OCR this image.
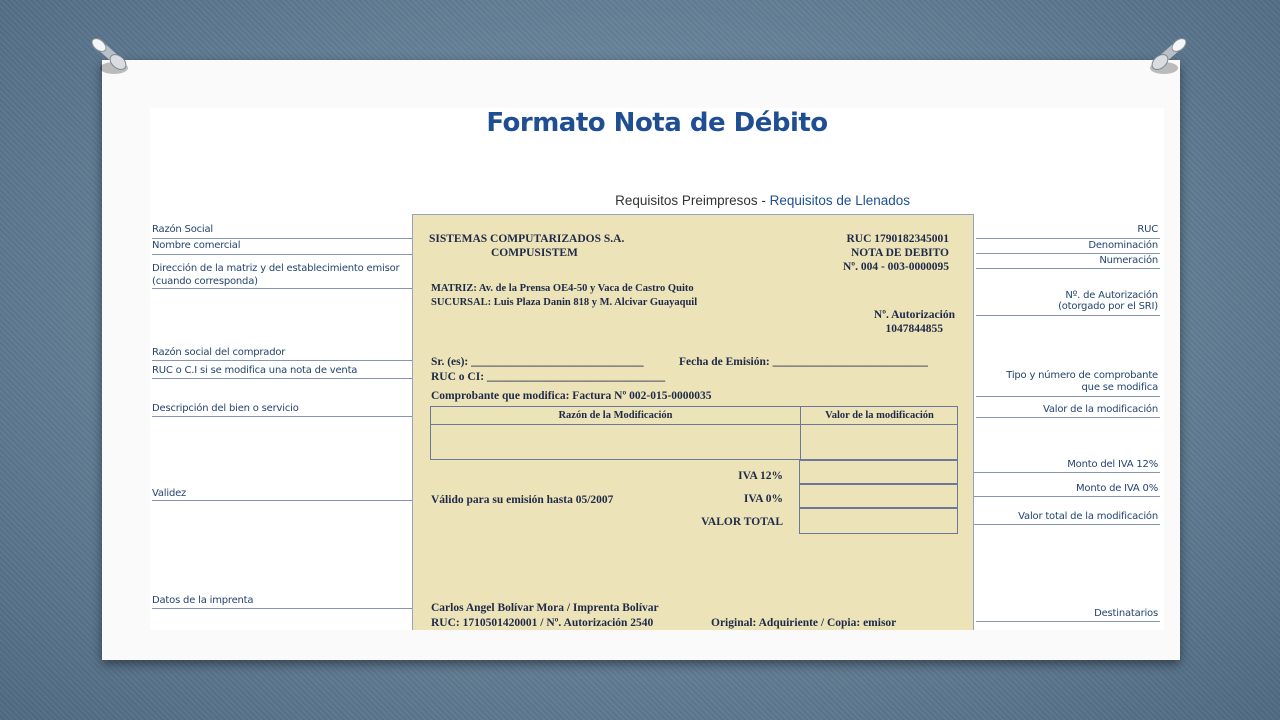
Formato Nota de Débito
Requisitos Preimpresos - Requisitos de Llenados
Razón Social
Nombre comercial
Dirección de la matriz y del establecimiento emisor
(cuando corresponda)
Razón social del comprador
RUC o C.I si se modifica una nota de venta
Descripción del bien o servicio
Validez
Datos de la imprenta
RUC
Denominación
Numeración
Nº. de Autorización
(otorgado por el SRI)
Tipo y número de comprobante
que se modifica
Valor de la modificación
Monto del IVA 12%
Monto de IVA 0%
Valor total de la modificación
Destinatarios
SISTEMAS COMPUTARIZADOS S.A.
COMPUSISTEM
RUC 1790182345001
NOTA DE DEBITO
Nº. 004 - 003-0000095
MATRIZ: Av. de la Prensa OE4-50 y Vaca de Castro Quito
SUCURSAL: Luis Plaza Danin 818 y M. Alcivar Guayaquil
Nº. Autorización
1047844855
Sr. (es): ______________________________	Fecha de Emisión: ___________________________
RUC o CI: _______________________________
Comprobante que modifica: Factura Nº 002-015-0000035
Razón de la Modificación	Valor de la modificación
IVA 12%
IVA 0%
VALOR TOTAL
Válido para su emisión hasta 05/2007
Carlos Angel Bolívar Mora / Imprenta Bolívar
RUC: 1710501420001 / Nº. Autorización 2540	Original: Adquiriente / Copia: emisor
